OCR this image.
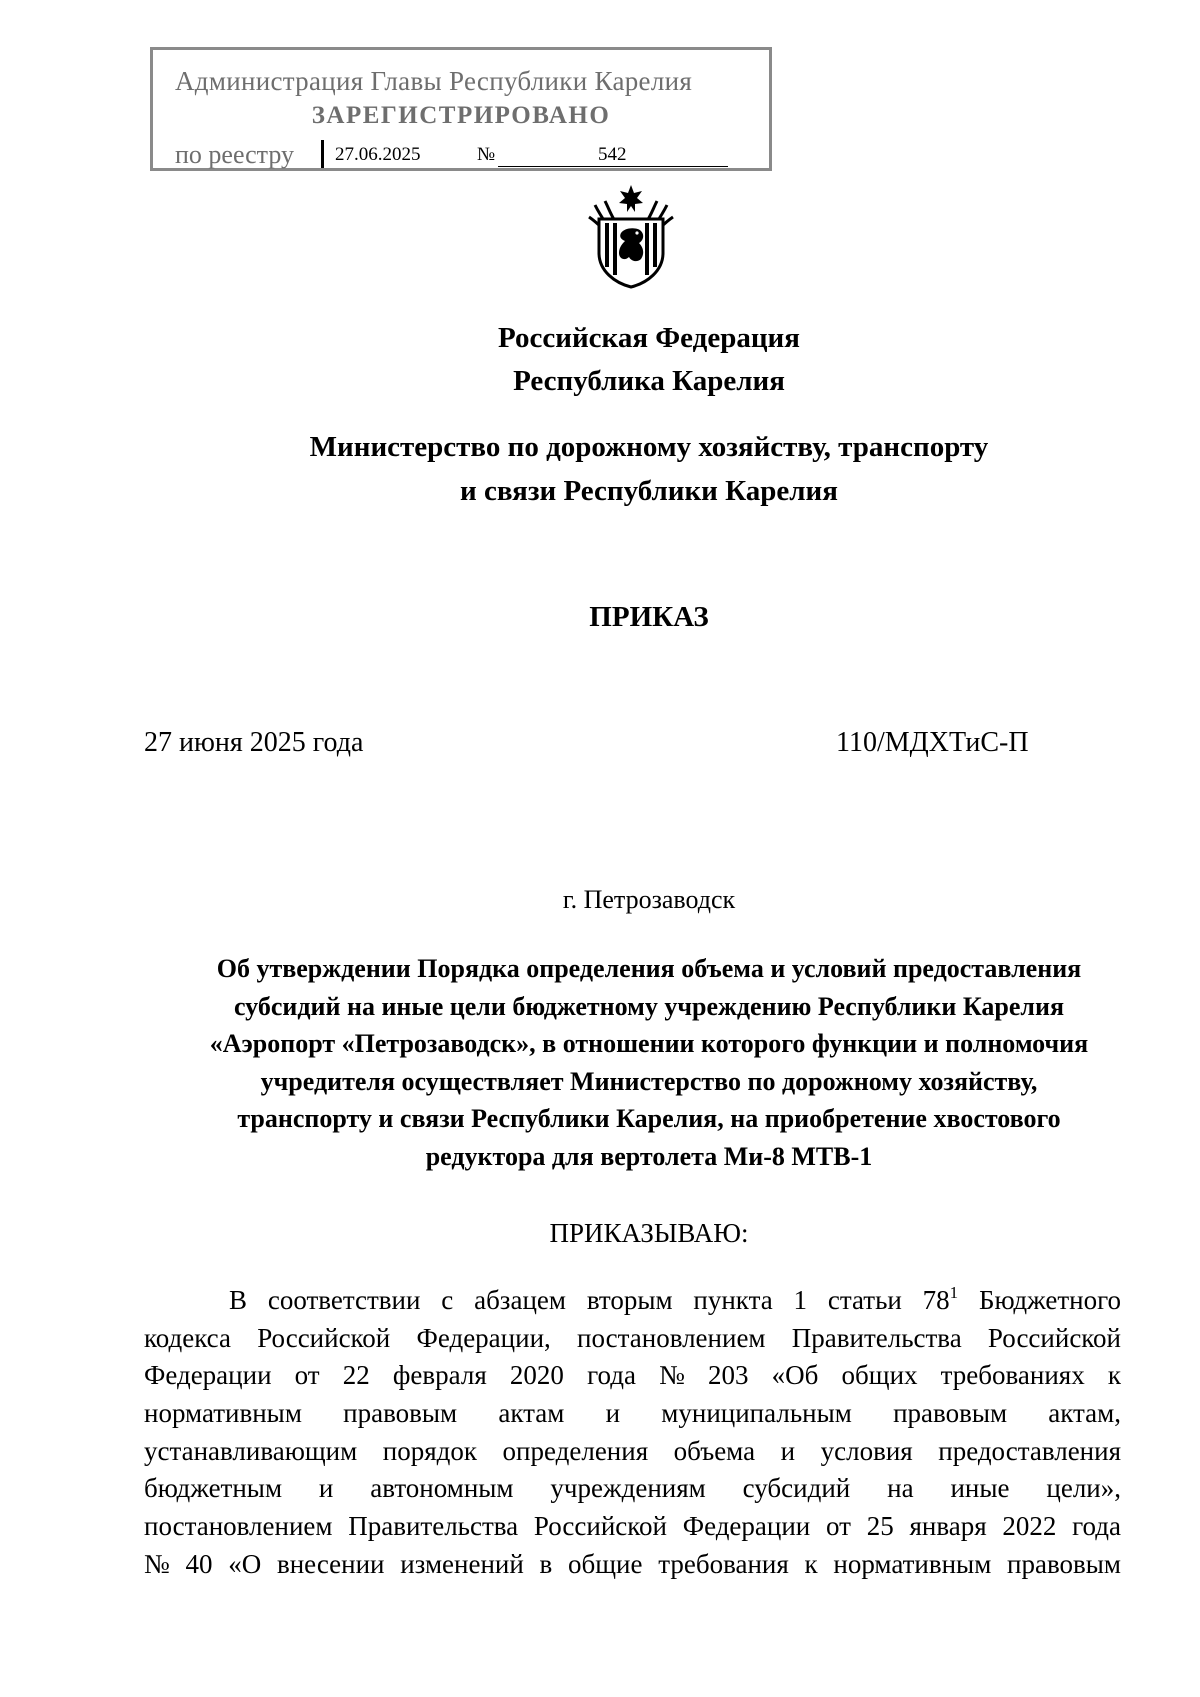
Администрация Главы Республики Карелия
ЗАРЕГИСТРИРОВАНО
по реестру 27.06.2025	№	542
Российская Федерация
Республика Карелия
Министерство по дорожному хозяйству, транспорту
и связи Республики Карелия
ПРИКАЗ
27 июня 2025 года	110/МДХТиС-П
г. Петрозаводск
Об утверждении Порядка определения объема и условий предоставления
субсидий на иные цели бюджетному учреждению Республики Карелия
«Аэропорт «Петрозаводск», в отношении которого функции и полномочия
учредителя осуществляет Министерство по дорожному хозяйству,
транспорту и связи Республики Карелия, на приобретение хвостового
редуктора для вертолета Ми-8 МТВ-1
ПРИКАЗЫВАЮ:
В соответствии с абзацем вторым пункта 1 статьи $78^1$ Бюджетного
кодекса Российской Федерации, постановлением Правительства Российской
Федерации от 22 февраля 2020 года № 203 «Об общих требованиях к
нормативным правовым актам и муниципальным правовым актам,
устанавливающим порядок определения объема и условия предоставления
бюджетным и автономным учреждениям субсидий на иные цели»,
постановлением Правительства Российской Федерации от 25 января 2022 года
№ 40 «О внесении изменений в общие требования к нормативным правовым
